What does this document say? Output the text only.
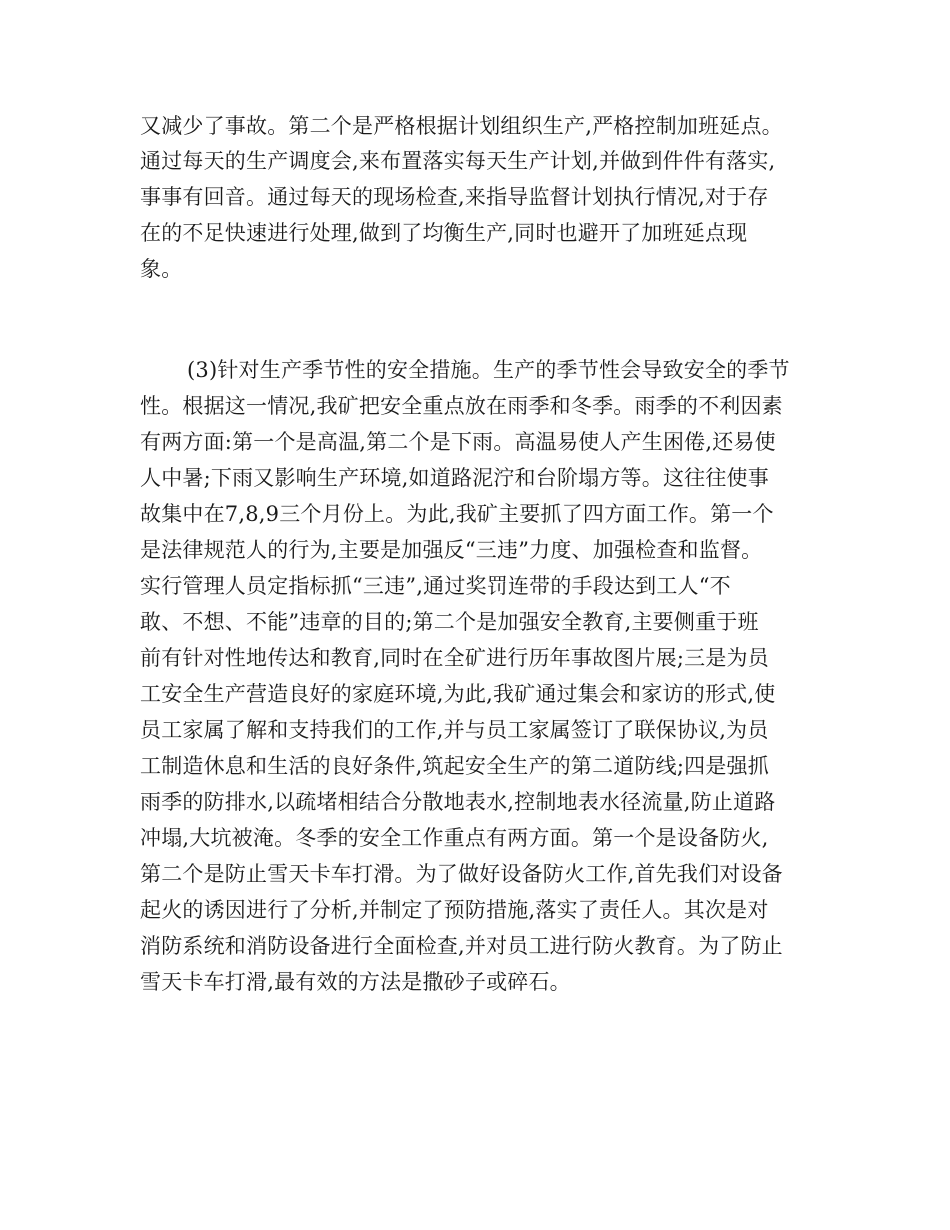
又减少了事故。第二个是严格根据计划组织生产,严格控制加班延点。
通过每天的生产调度会,来布置落实每天生产计划,并做到件件有落实,
事事有回音。通过每天的现场检查,来指导监督计划执行情况,对于存
在的不足快速进行处理,做到了均衡生产,同时也避开了加班延点现
象。
(3)针对生产季节性的安全措施。生产的季节性会导致安全的季节
性。根据这一情况,我矿把安全重点放在雨季和冬季。雨季的不利因素
有两方面:第一个是高温,第二个是下雨。高温易使人产生困倦,还易使
人中暑;下雨又影响生产环境,如道路泥泞和台阶塌方等。这往往使事
故集中在7,8,9三个月份上。为此,我矿主要抓了四方面工作。第一个
是法律规范人的行为,主要是加强反“三违”力度、加强检查和监督。
实行管理人员定指标抓“三违”,通过奖罚连带的手段达到工人“不
敢、不想、不能”违章的目的;第二个是加强安全教育,主要侧重于班
前有针对性地传达和教育,同时在全矿进行历年事故图片展;三是为员
工安全生产营造良好的家庭环境,为此,我矿通过集会和家访的形式,使
员工家属了解和支持我们的工作,并与员工家属签订了联保协议,为员
工制造休息和生活的良好条件,筑起安全生产的第二道防线;四是强抓
雨季的防排水,以疏堵相结合分散地表水,控制地表水径流量,防止道路
冲塌,大坑被淹。冬季的安全工作重点有两方面。第一个是设备防火,
第二个是防止雪天卡车打滑。为了做好设备防火工作,首先我们对设备
起火的诱因进行了分析,并制定了预防措施,落实了责任人。其次是对
消防系统和消防设备进行全面检查,并对员工进行防火教育。为了防止
雪天卡车打滑,最有效的方法是撒砂子或碎石。
